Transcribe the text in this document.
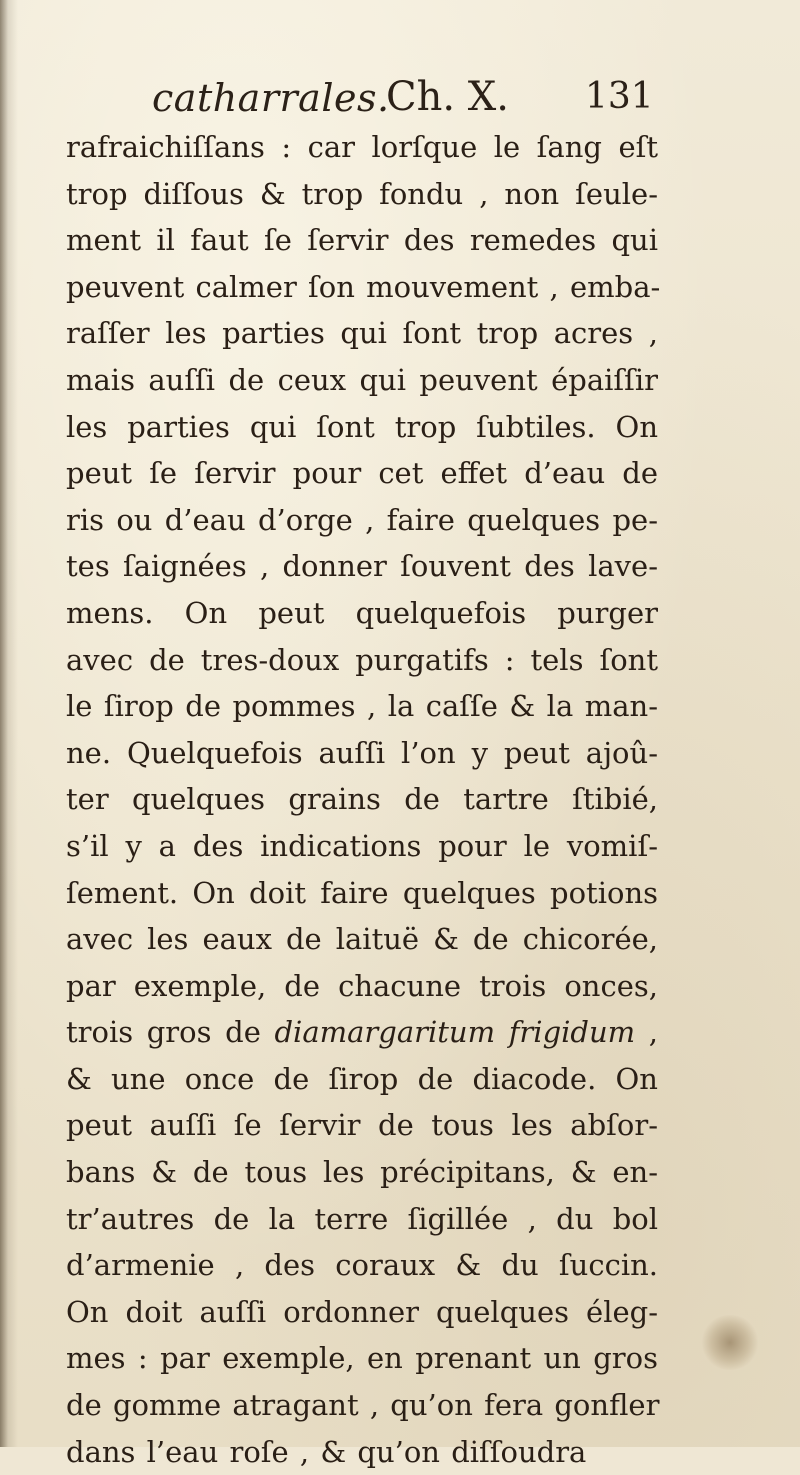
catharrales.
Ch. X. 131
rafraichiſſans : car lorſque le ſang eſt
trop diſſous & trop fondu , non ſeule-
ment il faut ſe ſervir des remedes qui
peuvent calmer ſon mouvement , emba-
raſſer les parties qui ſont trop acres ,
mais auſſi de ceux qui peuvent épaiſſir
les parties qui ſont trop ſubtiles. On
peut ſe ſervir pour cet effet d’eau de
ris ou d’eau d’orge , faire quelques pe-
tes ſaignées , donner ſouvent des lave-
mens. On peut quelquefois purger
avec de tres-doux purgatifs : tels ſont
le ſirop de pommes , la caſſe & la man-
ne. Quelquefois auſſi l’on y peut ajoû-
ter quelques grains de tartre ſtibié,
s’il y a des indications pour le vomiſ-
ſement. On doit faire quelques potions
avec les eaux de laituë & de chicorée,
par exemple, de chacune trois onces,
trois gros de diamargaritum frigidum ,
& une once de ſirop de diacode. On
peut auſſi ſe ſervir de tous les abſor-
bans & de tous les précipitans, & en-
tr’autres de la terre ſigillée , du bol
d’armenie , des coraux & du ſuccin.
On doit auſſi ordonner quelques éleg-
mes : par exemple, en prenant un gros
de gomme atragant , qu’on fera gonfler
dans l’eau roſe , & qu’on diſſoudra
